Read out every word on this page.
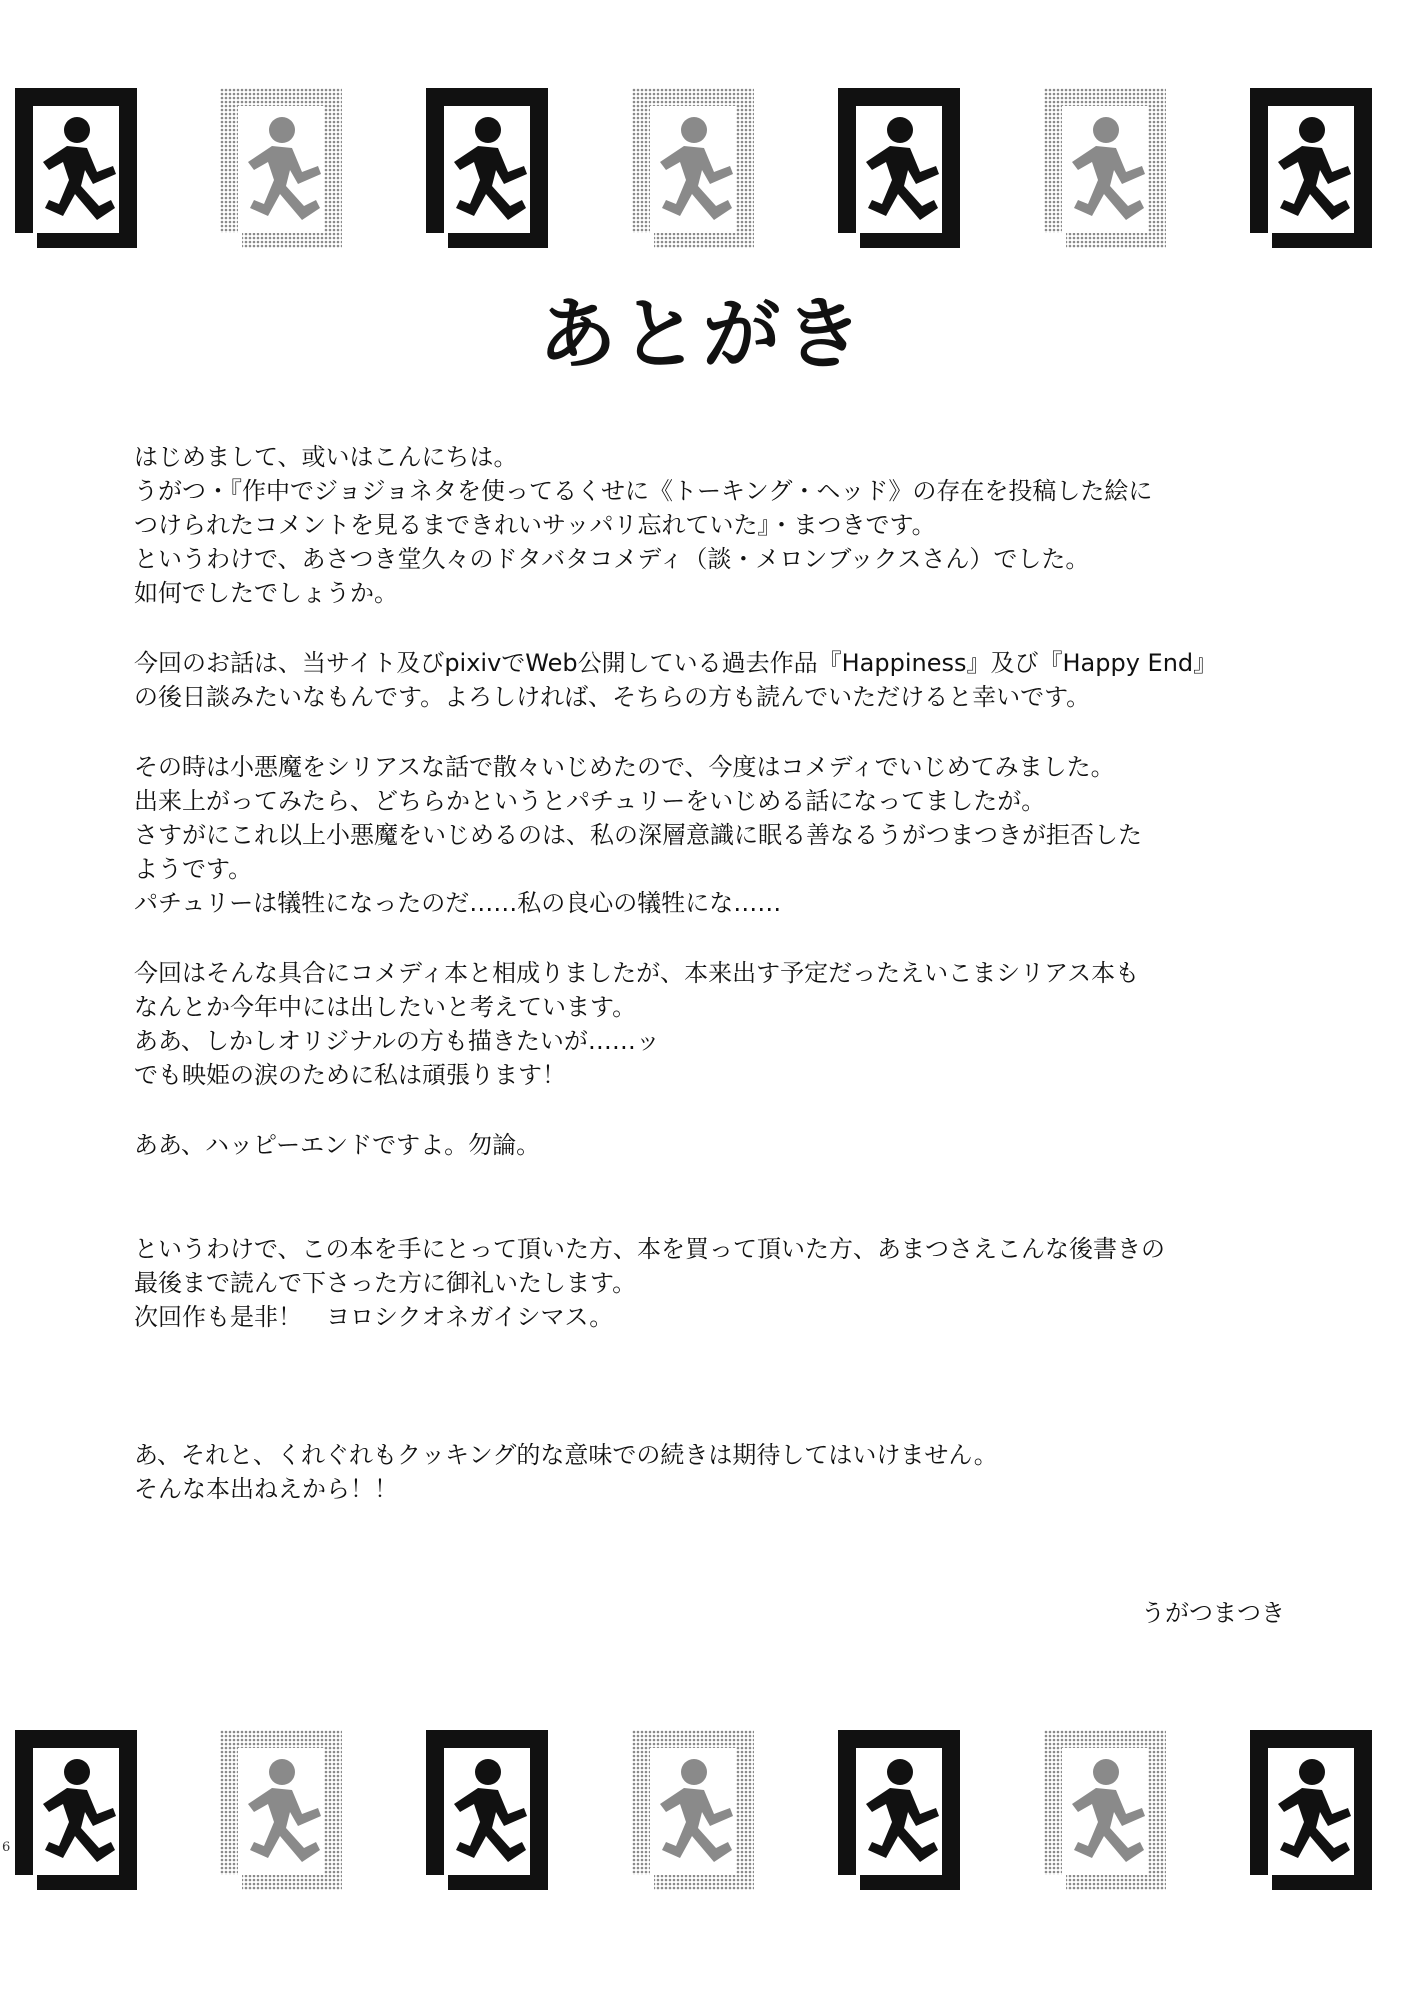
あとがき

はじめまして、或いはこんにちは。
うがつ・『作中でジョジョネタを使ってるくせに《トーキング・ヘッド》の存在を投稿した絵に
つけられたコメントを見るまできれいサッパリ忘れていた』・まつきです。
というわけで、あさつき堂久々のドタバタコメディ（談・メロンブックスさん）でした。
如何でしたでしょうか。

今回のお話は、当サイト及びpixivでWeb公開している過去作品『Happiness』及び『Happy End』
の後日談みたいなもんです。よろしければ、そちらの方も読んでいただけると幸いです。

その時は小悪魔をシリアスな話で散々いじめたので、今度はコメディでいじめてみました。
出来上がってみたら、どちらかというとパチュリーをいじめる話になってましたが。
さすがにこれ以上小悪魔をいじめるのは、私の深層意識に眠る善なるうがつまつきが拒否した
ようです。
パチュリーは犠牲になったのだ……私の良心の犠牲にな……

今回はそんな具合にコメディ本と相成りましたが、本来出す予定だったえいこまシリアス本も
なんとか今年中には出したいと考えています。
ああ、しかしオリジナルの方も描きたいが……ッ
でも映姫の涙のために私は頑張ります！

ああ、ハッピーエンドですよ。勿論。

というわけで、この本を手にとって頂いた方、本を買って頂いた方、あまつさえこんな後書きの
最後まで読んで下さった方に御礼いたします。
次回作も是非！　ヨロシクオネガイシマス。

あ、それと、くれぐれもクッキング的な意味での続きは期待してはいけません。
そんな本出ねえから！！

うがつまつき
6
